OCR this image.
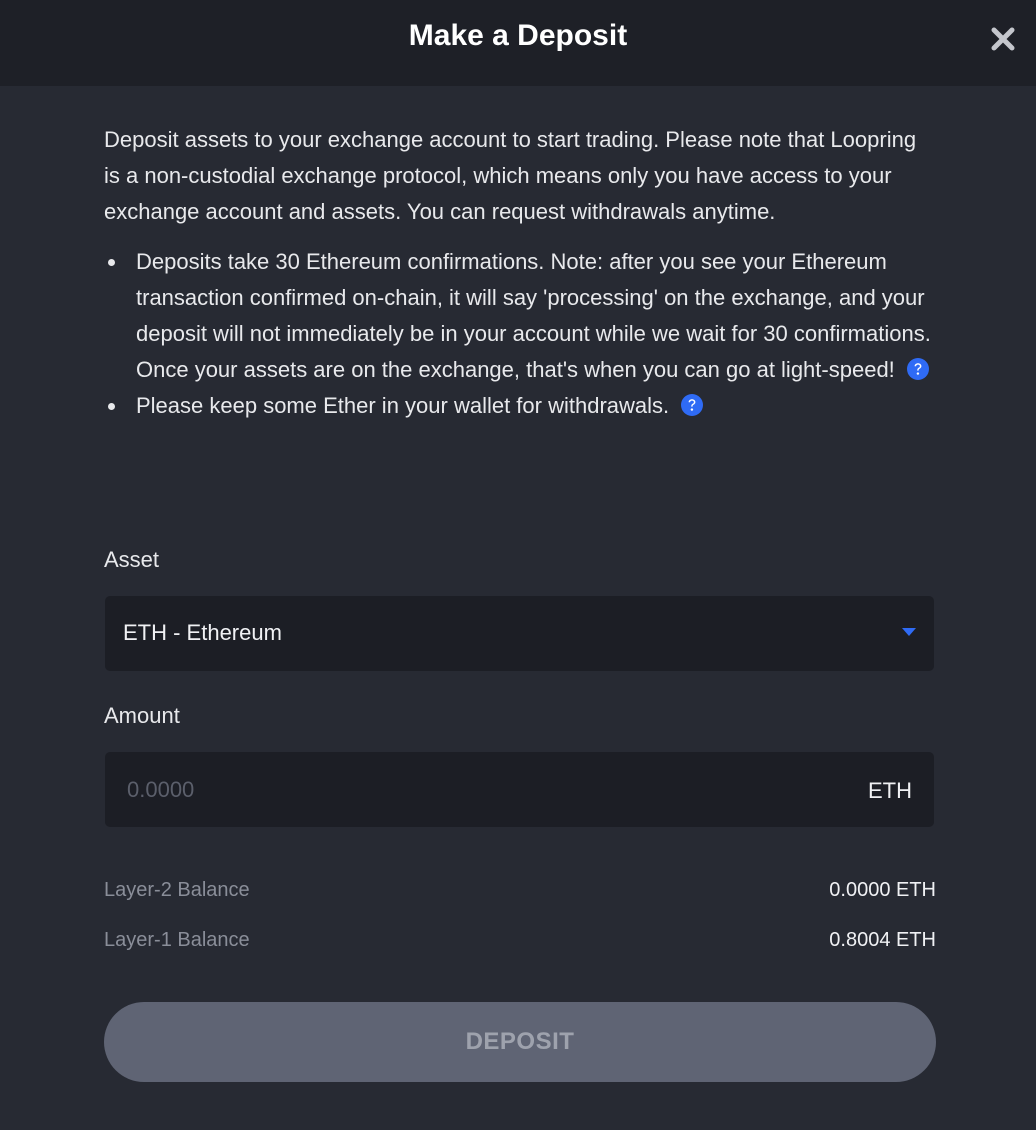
Make a Deposit

Deposit assets to your exchange account to start trading. Please note that Loopring is a non-custodial exchange protocol, which means only you have access to your exchange account and assets. You can request withdrawals anytime.

Deposits take 30 Ethereum confirmations. Note: after you see your Ethereum transaction confirmed on-chain, it will say 'processing' on the exchange, and your deposit will not immediately be in your account while we wait for 30 confirmations. Once your assets are on the exchange, that's when you can go at light-speed!
Please keep some Ether in your wallet for withdrawals.
Asset
ETH - Ethereum
Amount
0.0000
ETH
Layer-2 Balance	0.0000 ETH
Layer-1 Balance	0.8004 ETH
DEPOSIT
